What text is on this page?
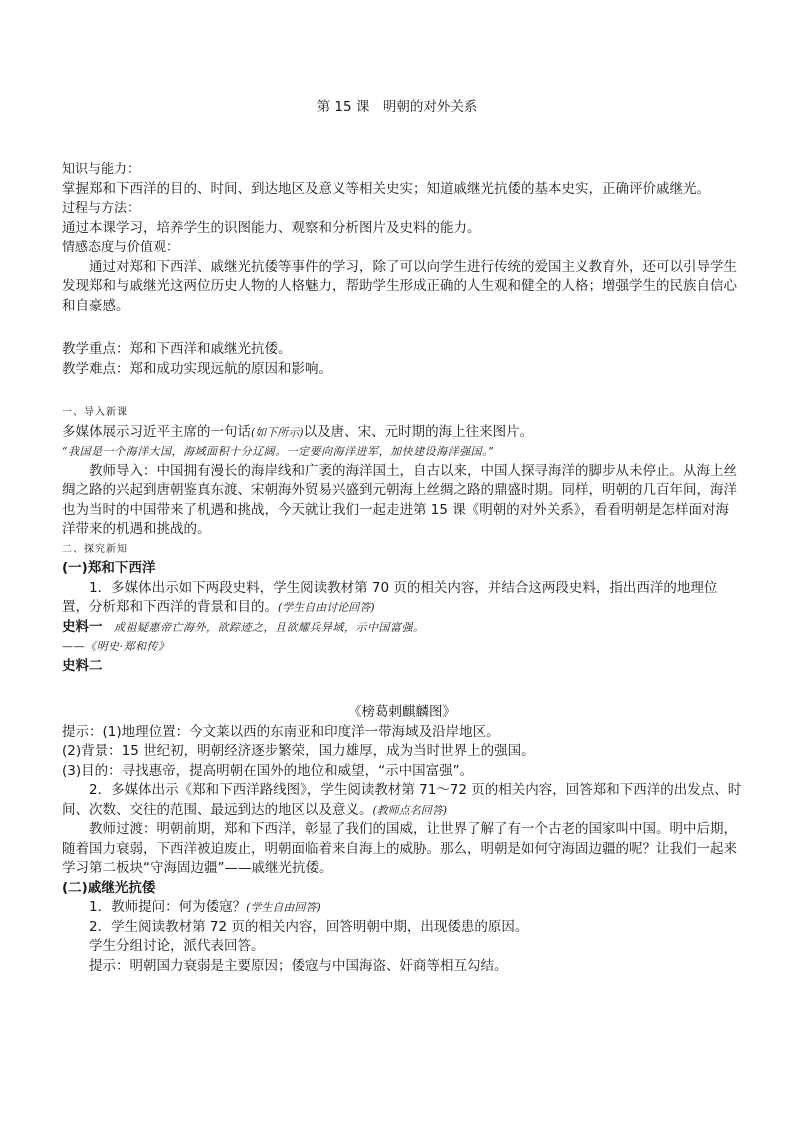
第 15 课　明朝的对外关系

知识与能力：

掌握郑和下西洋的目的、时间、到达地区及意义等相关史实；知道戚继光抗倭的基本史实，正确评价戚继光。

过程与方法：

通过本课学习，培养学生的识图能力、观察和分析图片及史料的能力。

情感态度与价值观：

通过对郑和下西洋、戚继光抗倭等事件的学习，除了可以向学生进行传统的爱国主义教育外，还可以引导学生发现郑和与戚继光这两位历史人物的人格魅力，帮助学生形成正确的人生观和健全的人格；增强学生的民族自信心和自豪感。

教学重点：郑和下西洋和戚继光抗倭。

教学难点：郑和成功实现远航的原因和影响。

一、导入新课

多媒体展示习近平主席的一句话(如下所示)以及唐、宋、元时期的海上往来图片。

“我国是一个海洋大国，海域面积十分辽阔。一定要向海洋进军，加快建设海洋强国。”

教师导入：中国拥有漫长的海岸线和广袤的海洋国土，自古以来，中国人探寻海洋的脚步从未停止。从海上丝绸之路的兴起到唐朝鉴真东渡、宋朝海外贸易兴盛到元朝海上丝绸之路的鼎盛时期。同样，明朝的几百年间，海洋也为当时的中国带来了机遇和挑战，今天就让我们一起走进第 15 课《明朝的对外关系》，看看明朝是怎样面对海洋带来的机遇和挑战的。

二、探究新知

(一)郑和下西洋

1．多媒体出示如下两段史料，学生阅读教材第 70 页的相关内容，并结合这两段史料，指出西洋的地理位置，分析郑和下西洋的背景和目的。(学生自由讨论回答)

史料一　成祖疑惠帝亡海外，欲踪迹之，且欲耀兵异域，示中国富强。

——《明史·郑和传》

史料二

《榜葛剌麒麟图》

提示：(1)地理位置：今文莱以西的东南亚和印度洋一带海域及沿岸地区。

(2)背景：15 世纪初，明朝经济逐步繁荣，国力雄厚，成为当时世界上的强国。

(3)目的：寻找惠帝，提高明朝在国外的地位和威望，“示中国富强”。

2．多媒体出示《郑和下西洋路线图》，学生阅读教材第 71～72 页的相关内容，回答郑和下西洋的出发点、时间、次数、交往的范围、最远到达的地区以及意义。(教师点名回答)

教师过渡：明朝前期，郑和下西洋，彰显了我们的国威，让世界了解了有一个古老的国家叫中国。明中后期，随着国力衰弱，下西洋被迫废止，明朝面临着来自海上的威胁。那么，明朝是如何守海固边疆的呢？让我们一起来学习第二板块“守海固边疆”——戚继光抗倭。

(二)戚继光抗倭

1．教师提问：何为倭寇？(学生自由回答)

2．学生阅读教材第 72 页的相关内容，回答明朝中期，出现倭患的原因。

学生分组讨论，派代表回答。

提示：明朝国力衰弱是主要原因；倭寇与中国海盗、奸商等相互勾结。
